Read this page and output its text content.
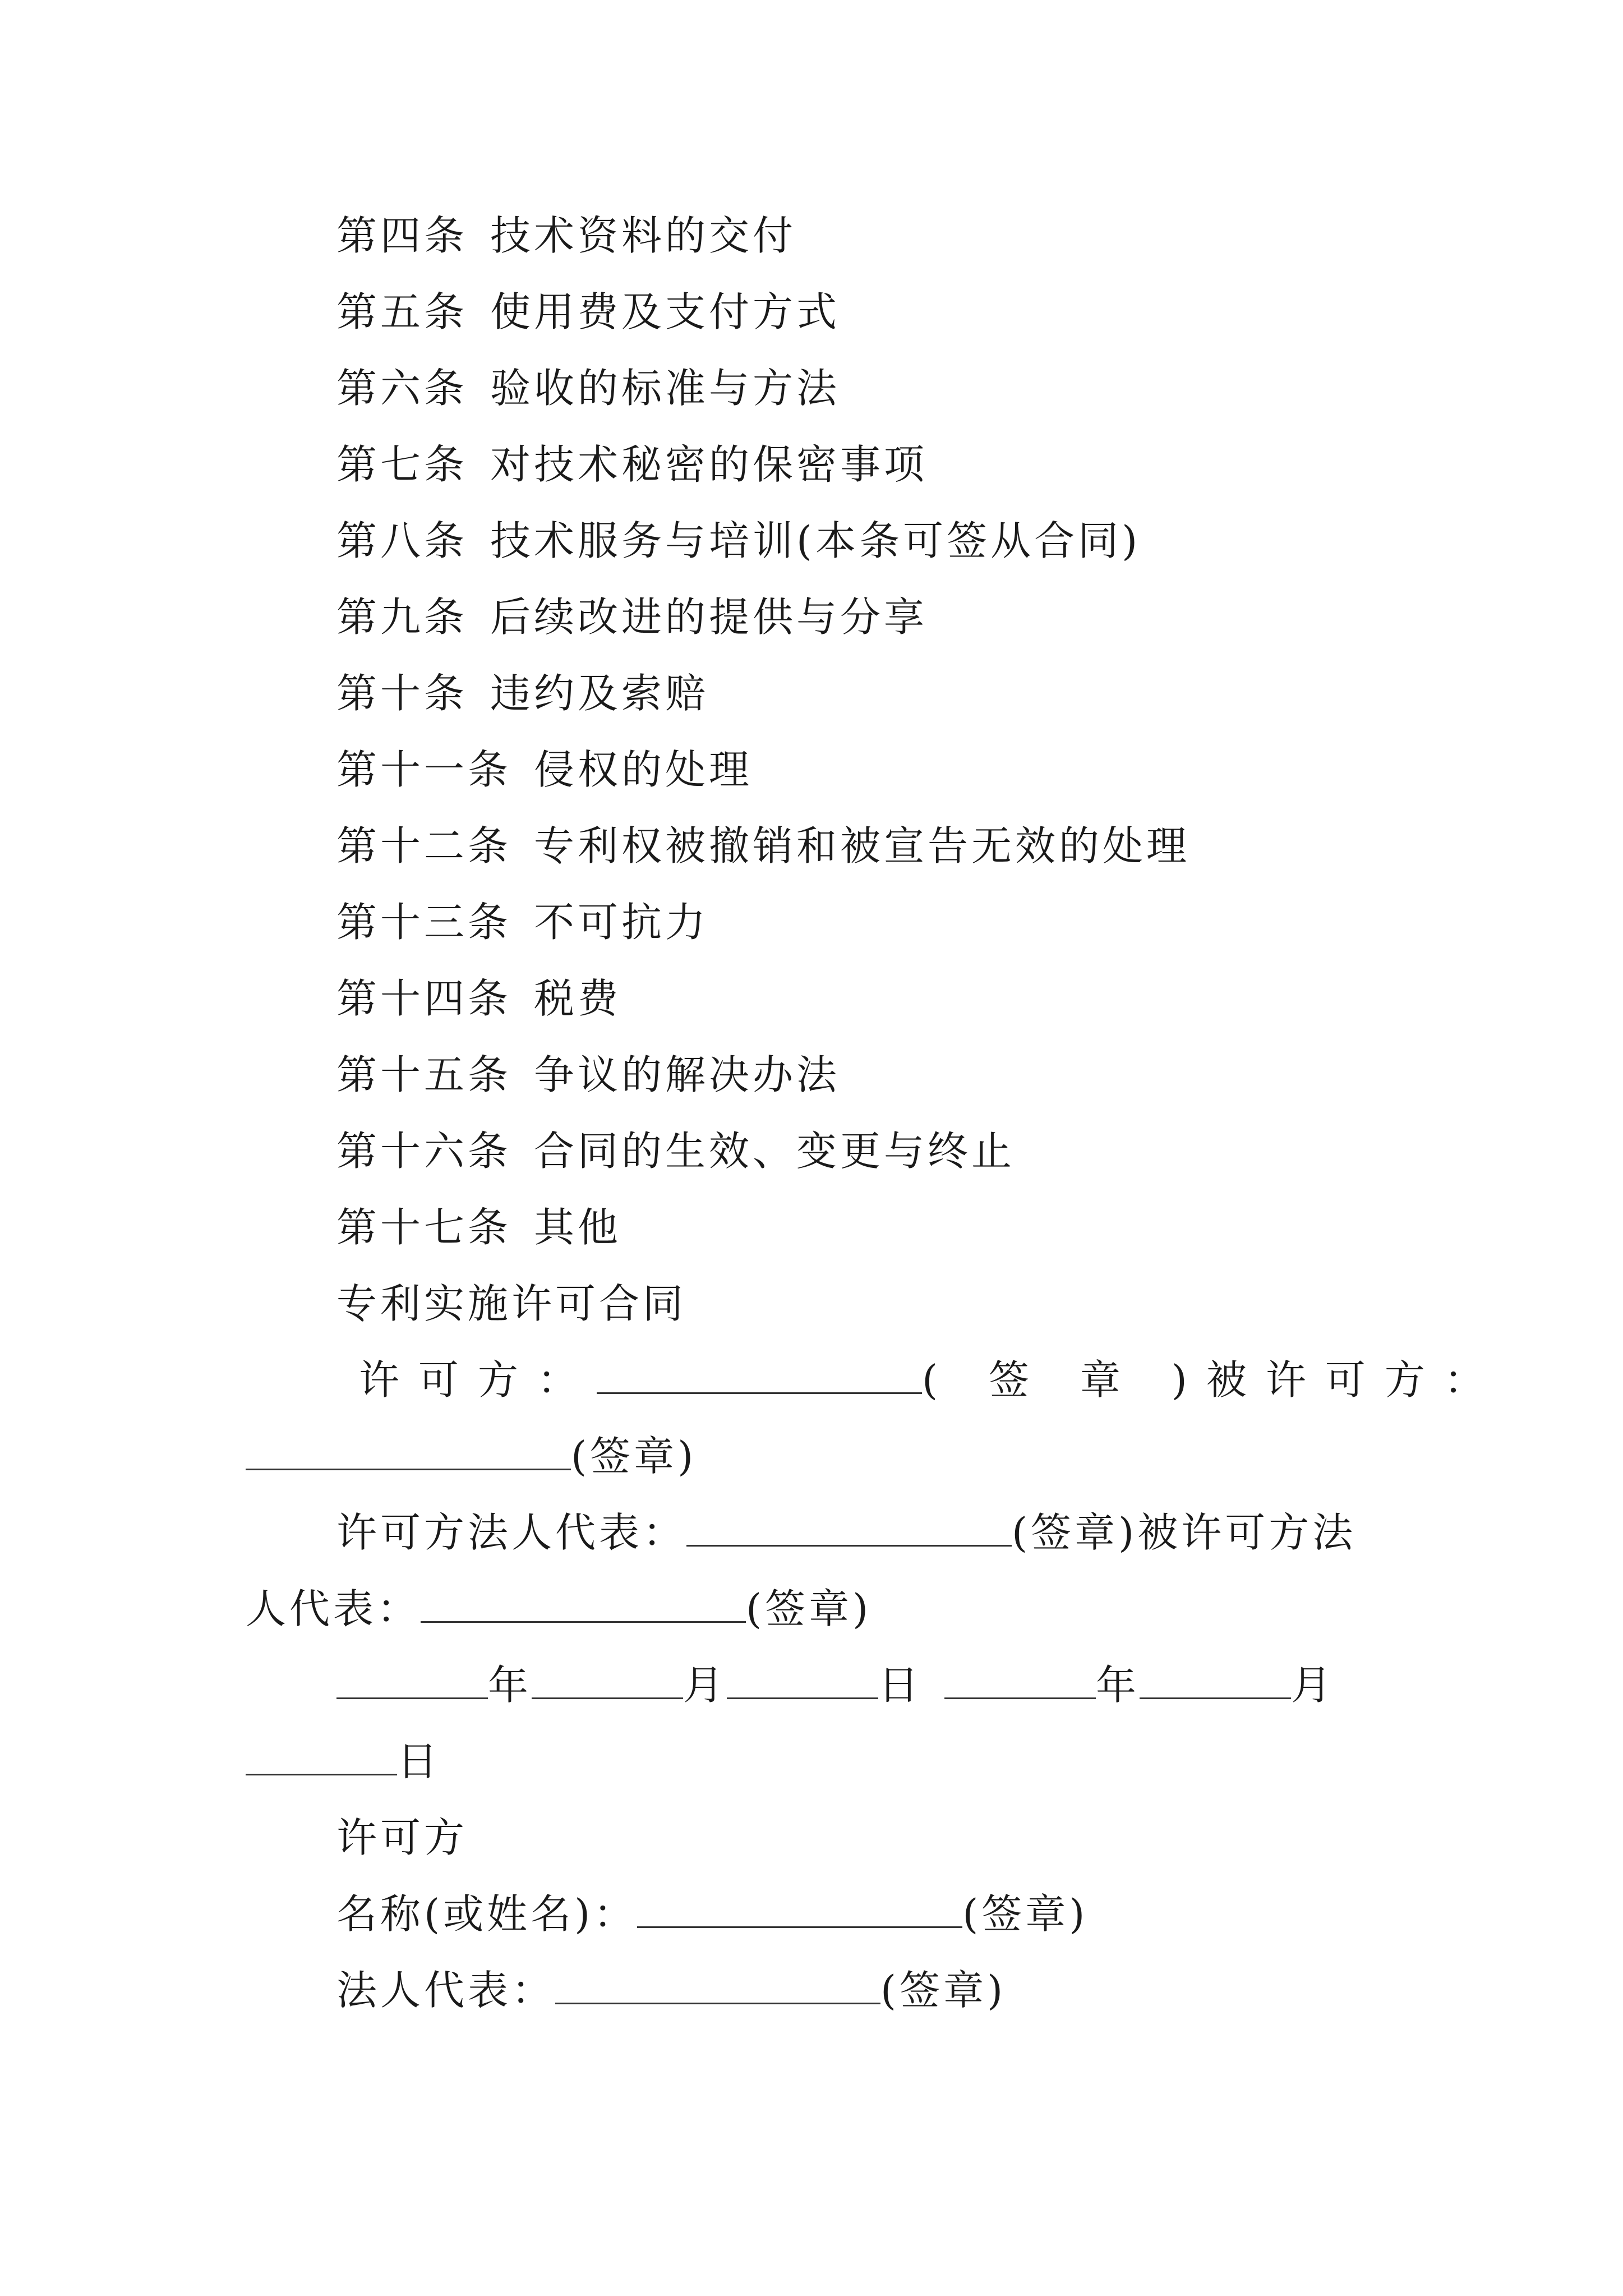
第四条 技术资料的交付
第五条 使用费及支付方式
第六条 验收的标准与方法
第七条 对技术秘密的保密事项
第八条 技术服务与培训(本条可签从合同)
第九条 后续改进的提供与分享
第十条 违约及索赔
第十一条 侵权的处理
第十二条 专利权被撤销和被宣告无效的处理
第十三条 不可抗力
第十四条 税费
第十五条 争议的解决办法
第十六条 合同的生效、变更与终止
第十七条 其他
专利实施许可合同
许可方：	( 签 章 )被许可方：
(签章)
许可方法人代表：	(签章)被许可方法
人代表：	(签章)
年	月	日	年	月
日
许可方
名称(或姓名)：	(签章)
法人代表：	(签章)
